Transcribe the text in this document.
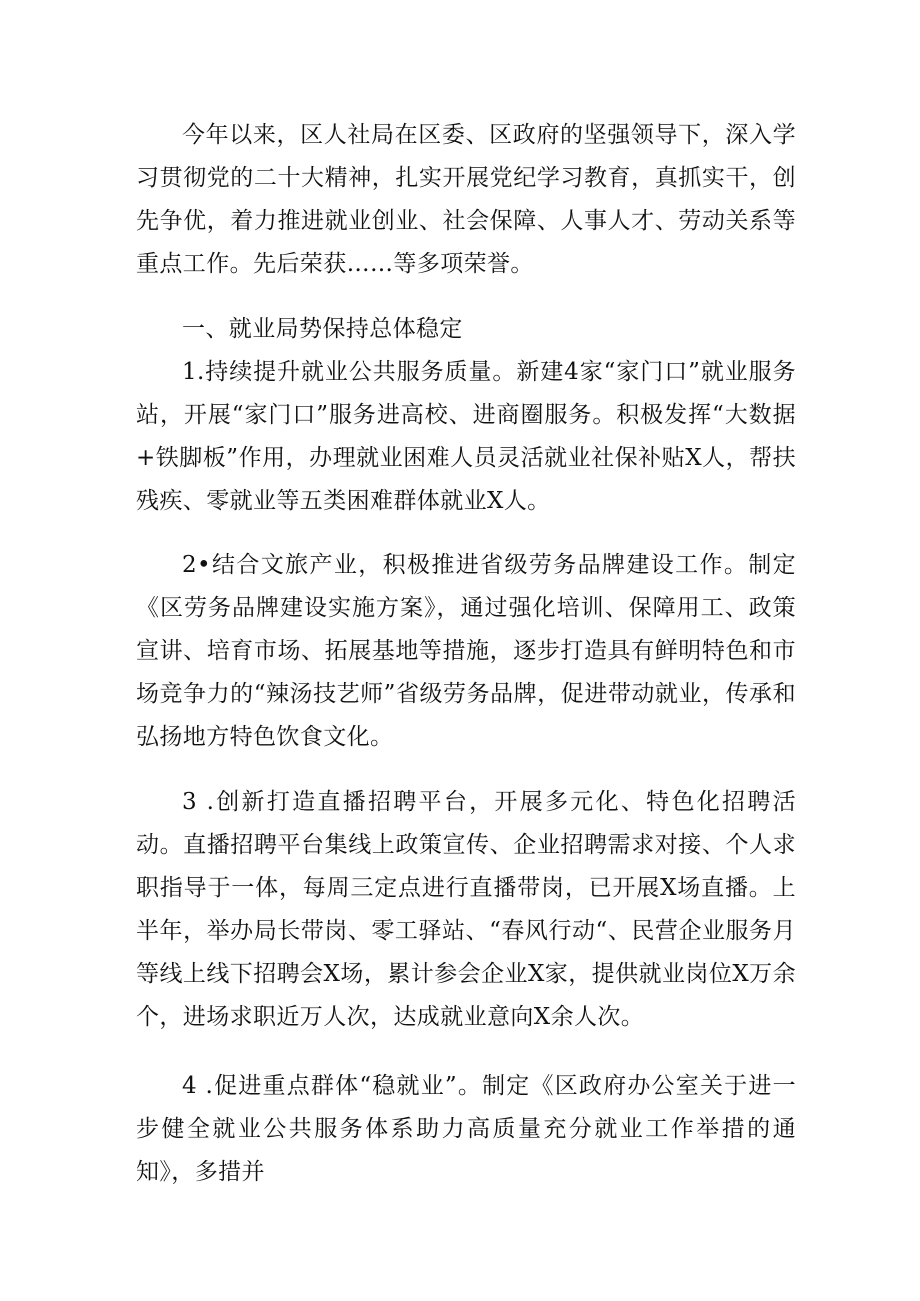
今年以来，区人社局在区委、区政府的坚强领导下，深入学习贯彻党的二十大精神，扎实开展党纪学习教育，真抓实干，创先争优，着力推进就业创业、社会保障、人事人才、劳动关系等重点工作。先后荣获……等多项荣誉。

一、就业局势保持总体稳定

1.持续提升就业公共服务质量。新建4家“家门口”就业服务站，开展“家门口”服务进高校、进商圈服务。积极发挥“大数据+铁脚板”作用，办理就业困难人员灵活就业社保补贴X人，帮扶残疾、零就业等五类困难群体就业X人。

2•结合文旅产业，积极推进省级劳务品牌建设工作。制定《区劳务品牌建设实施方案》，通过强化培训、保障用工、政策宣讲、培育市场、拓展基地等措施，逐步打造具有鲜明特色和市场竞争力的“辣汤技艺师”省级劳务品牌，促进带动就业，传承和弘扬地方特色饮食文化。

3 .创新打造直播招聘平台，开展多元化、特色化招聘活动。直播招聘平台集线上政策宣传、企业招聘需求对接、个人求职指导于一体，每周三定点进行直播带岗，已开展X场直播。上半年，举办局长带岗、零工驿站、“春风行动“、民营企业服务月等线上线下招聘会X场，累计参会企业X家，提供就业岗位X万余个，进场求职近万人次，达成就业意向X余人次。

4 .促进重点群体“稳就业”。制定《区政府办公室关于进一步健全就业公共服务体系助力高质量充分就业工作举措的通知》，多措并
